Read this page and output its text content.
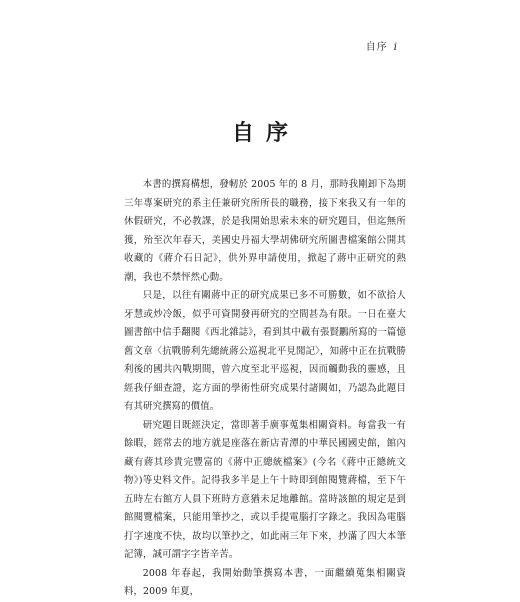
自序 i
自序

本書的撰寫構想，發軔於 2005 年的 8 月，那時我剛卸下為期三年專案研究的系主任兼研究所所長的職務，接下來我又有一年的休假研究，不必教課，於是我開始思索未來的研究題目，但迄無所獲，殆至次年春天，美國史丹福大學胡佛研究所圖書檔案館公開其收藏的《蔣介石日記》，供外界申請使用，掀起了蔣中正研究的熱潮，我也不禁怦然心動。

只是，以往有關蔣中正的研究成果已多不可勝數，如不欲拾人牙慧或炒冷飯，似乎可資開發再研究的空間甚為有限。一日在臺大圖書館中信手翻閱《西北雜誌》，看到其中載有張賢鸝所寫的一篇憶舊文章〈抗戰勝利先總統蔣公巡視北平見聞記〉，知蔣中正在抗戰勝利後的國共內戰期間，曾六度至北平巡視，因而觸動我的靈感，且經我仔細查證，迄方面的學術性研究成果付諸闕如，乃認為此題目有其研究撰寫的價值。

研究題目既經決定，當即著手廣事蒐集相關資料。每當我一有餘暇，經常去的地方就是座落在新店青潭的中華民國國史館，館內藏有蔣其珍貴完豐富的《蔣中正總統檔案》(今名《蔣中正總統文物》)等史料文件。記得我多半是上午十時即到館閱覽蔣檔，至下午五時左右館方人員下班時方意猶未足地離館。當時該館的規定是到館閱覽檔案，只能用筆抄之，或以手提電腦打字錄之。我因為電腦打字速度不快，故均以筆抄之，如此兩三年下來，抄滿了四大本筆記簿，誠可謂字字皆辛苦。

2008 年春起，我開始動筆撰寫本書，一面繼續蒐集相關資料，2009 年夏，
